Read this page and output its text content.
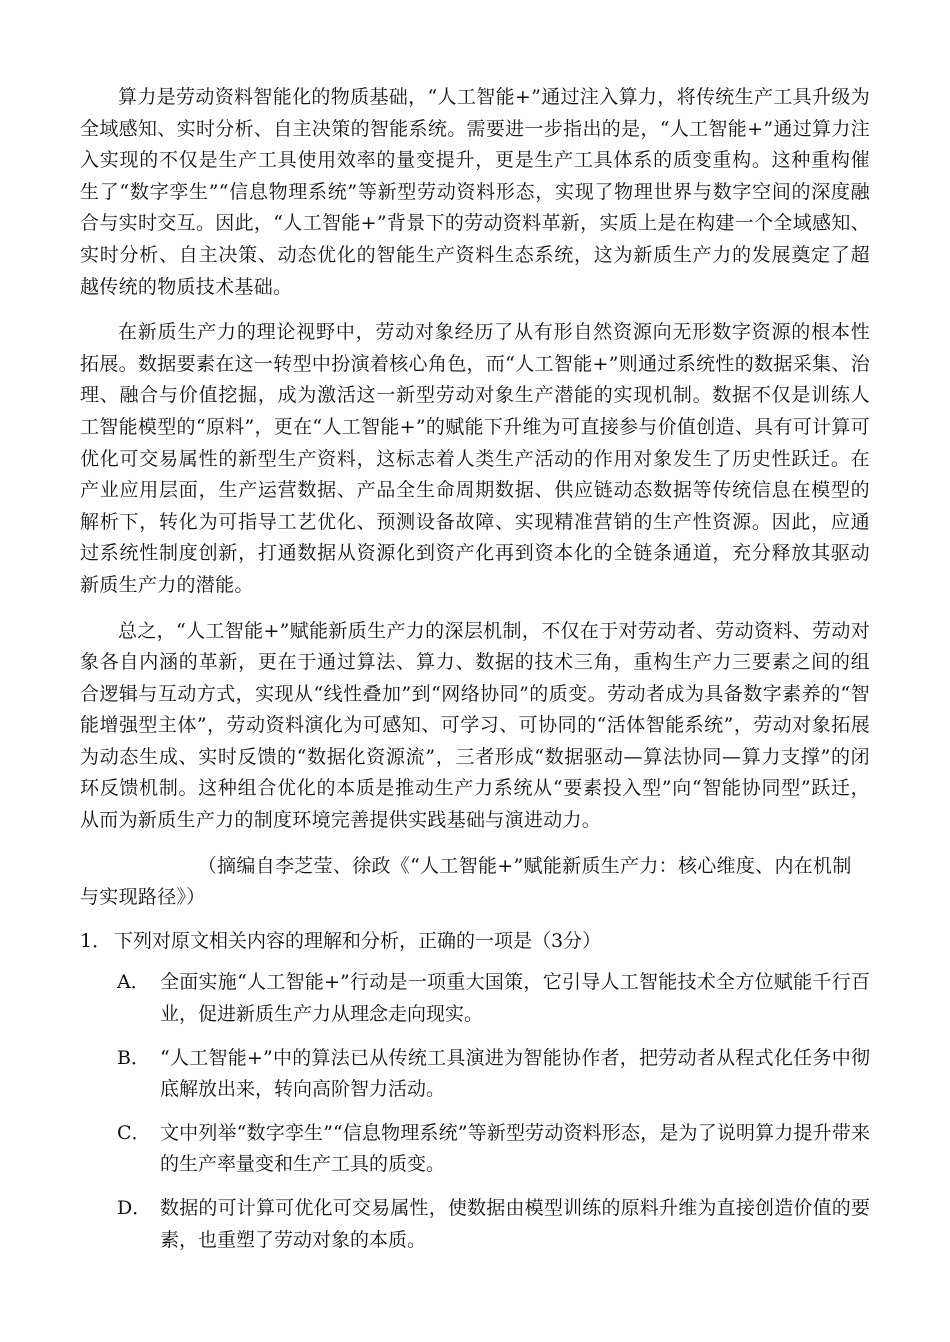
算力是劳动资料智能化的物质基础，“人工智能+”通过注入算力，将传统生产工具升级为全域感知、实时分析、自主决策的智能系统。需要进一步指出的是，“人工智能+”通过算力注入实现的不仅是生产工具使用效率的量变提升，更是生产工具体系的质变重构。这种重构催生了“数字孪生”“信息物理系统”等新型劳动资料形态，实现了物理世界与数字空间的深度融合与实时交互。因此，“人工智能+”背景下的劳动资料革新，实质上是在构建一个全域感知、实时分析、自主决策、动态优化的智能生产资料生态系统，这为新质生产力的发展奠定了超越传统的物质技术基础。

在新质生产力的理论视野中，劳动对象经历了从有形自然资源向无形数字资源的根本性拓展。数据要素在这一转型中扮演着核心角色，而“人工智能+”则通过系统性的数据采集、治理、融合与价值挖掘，成为激活这一新型劳动对象生产潜能的实现机制。数据不仅是训练人工智能模型的“原料”，更在“人工智能+”的赋能下升维为可直接参与价值创造、具有可计算可优化可交易属性的新型生产资料，这标志着人类生产活动的作用对象发生了历史性跃迁。在产业应用层面，生产运营数据、产品全生命周期数据、供应链动态数据等传统信息在模型的解析下，转化为可指导工艺优化、预测设备故障、实现精准营销的生产性资源。因此，应通过系统性制度创新，打通数据从资源化到资产化再到资本化的全链条通道，充分释放其驱动新质生产力的潜能。

总之，“人工智能+”赋能新质生产力的深层机制，不仅在于对劳动者、劳动资料、劳动对象各自内涵的革新，更在于通过算法、算力、数据的技术三角，重构生产力三要素之间的组合逻辑与互动方式，实现从“线性叠加”到“网络协同”的质变。劳动者成为具备数字素养的“智能增强型主体”，劳动资料演化为可感知、可学习、可协同的“活体智能系统”，劳动对象拓展为动态生成、实时反馈的“数据化资源流”，三者形成“数据驱动—算法协同—算力支撑”的闭环反馈机制。这种组合优化的本质是推动生产力系统从“要素投入型”向“智能协同型”跃迁，从而为新质生产力的制度环境完善提供实践基础与演进动力。

（摘编自李芝莹、徐政《“人工智能+”赋能新质生产力：核心维度、内在机制与实现路径》）

1． 下列对原文相关内容的理解和分析，正确的一项是（3分）
A． 全面实施“人工智能+”行动是一项重大国策，它引导人工智能技术全方位赋能千行百业，促进新质生产力从理念走向现实。
B． “人工智能+”中的算法已从传统工具演进为智能协作者，把劳动者从程式化任务中彻底解放出来，转向高阶智力活动。
C． 文中列举“数字孪生”“信息物理系统”等新型劳动资料形态，是为了说明算力提升带来的生产率量变和生产工具的质变。
D． 数据的可计算可优化可交易属性，使数据由模型训练的原料升维为直接创造价值的要素，也重塑了劳动对象的本质。
